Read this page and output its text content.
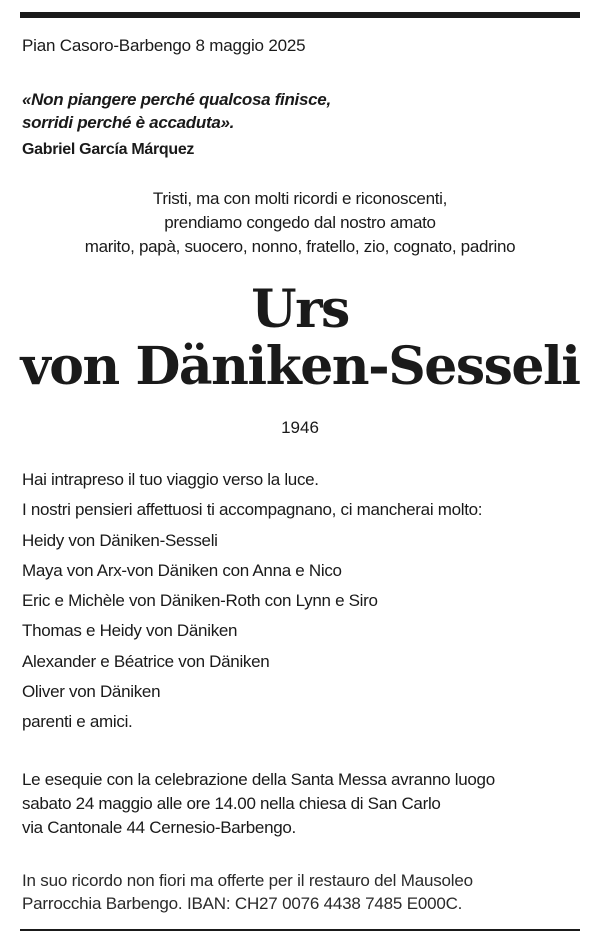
Pian Casoro-Barbengo 8 maggio 2025
«Non piangere perché qualcosa finisce,
sorridi perché è accaduta».
Gabriel García Márquez
Tristi, ma con molti ricordi e riconoscenti,
prendiamo congedo dal nostro amato
marito, papà, suocero, nonno, fratello, zio, cognato, padrino
Urs
von Däniken-Sesseli
1946
Hai intrapreso il tuo viaggio verso la luce.
I nostri pensieri affettuosi ti accompagnano, ci mancherai molto:
Heidy von Däniken-Sesseli
Maya von Arx-von Däniken con Anna e Nico
Eric e Michèle von Däniken-Roth con Lynn e Siro
Thomas e Heidy von Däniken
Alexander e Béatrice von Däniken
Oliver von Däniken
parenti e amici.
Le esequie con la celebrazione della Santa Messa avranno luogo
sabato 24 maggio alle ore 14.00 nella chiesa di San Carlo
via Cantonale 44 Cernesio-Barbengo.
In suo ricordo non fiori ma offerte per il restauro del Mausoleo
Parrocchia Barbengo. IBAN: CH27 0076 4438 7485 E000C.
